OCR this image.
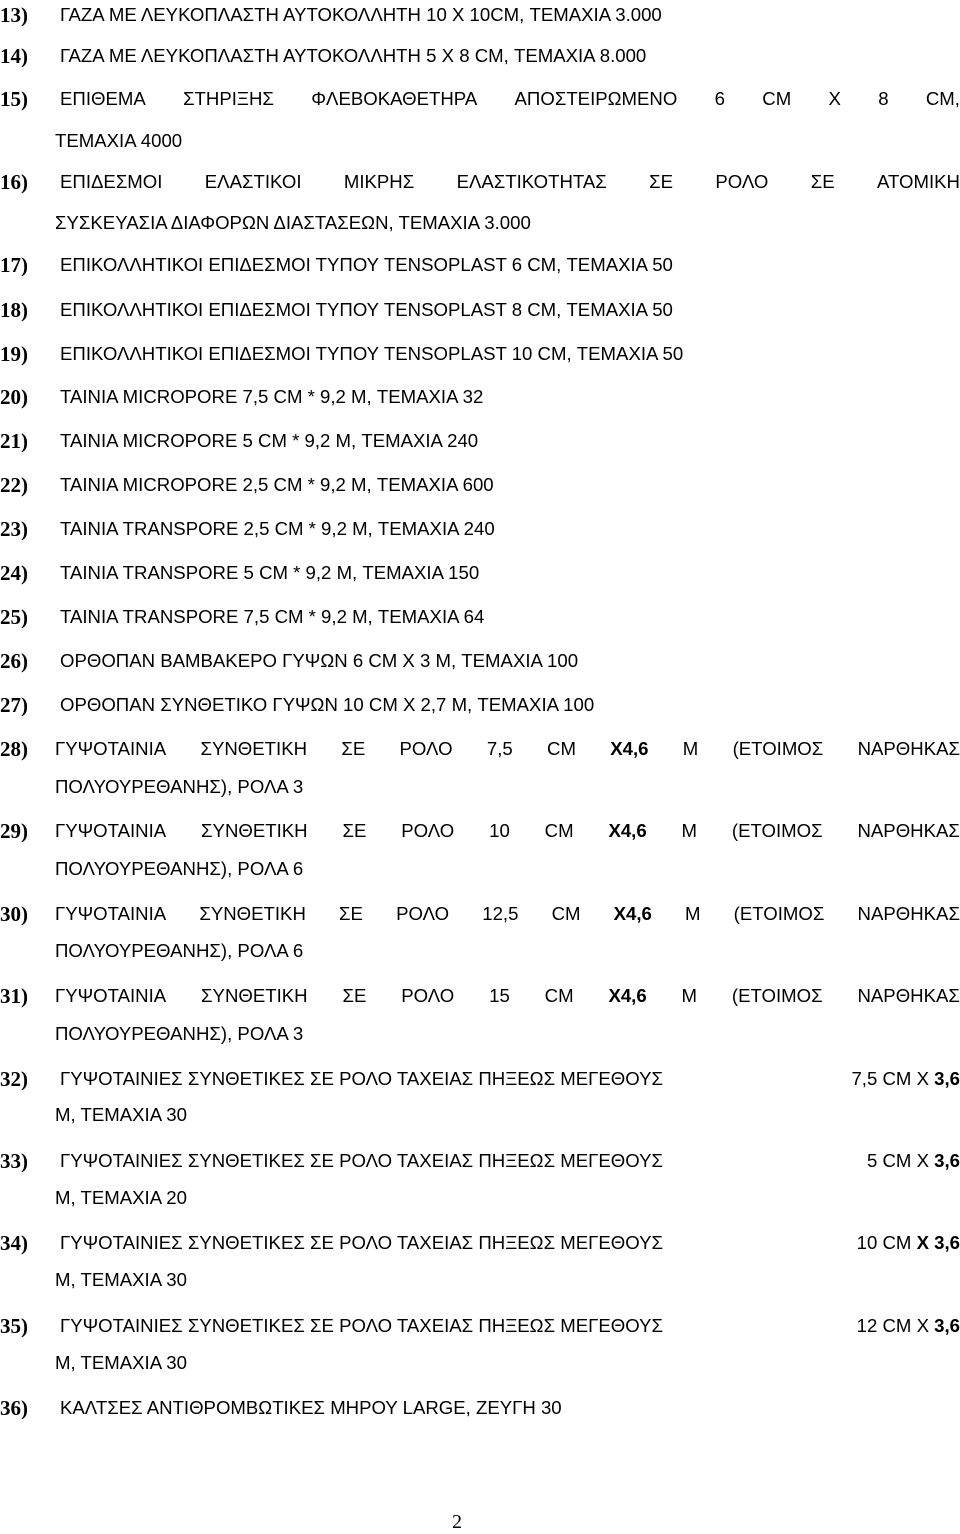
13)	ΓΑΖΑ ΜΕ ΛΕΥΚΟΠΛΑΣΤΗ ΑΥΤΟΚΟΛΛΗΤΗ 10 Χ 10CM, ΤΕΜΑΧΙΑ 3.000
14)	ΓΑΖΑ ΜΕ ΛΕΥΚΟΠΛΑΣΤΗ ΑΥΤΟΚΟΛΛΗΤΗ 5 Χ 8 CM, ΤΕΜΑΧΙΑ 8.000
15)	ΕΠΙΘΕΜΑ ΣΤΗΡΙΞΗΣ ΦΛΕΒΟΚΑΘΕΤΗΡΑ ΑΠΟΣΤΕΙΡΩΜΕΝΟ 6 CM X 8 CM,
ΤΕΜΑΧΙΑ 4000
16)	ΕΠΙΔΕΣΜΟΙ ΕΛΑΣΤΙΚΟΙ ΜΙΚΡΗΣ ΕΛΑΣΤΙΚΟΤΗΤΑΣ ΣΕ ΡΟΛΟ ΣΕ ΑΤΟΜΙΚΗ
ΣΥΣΚΕΥΑΣΙΑ ΔΙΑΦΟΡΩΝ ΔΙΑΣΤΑΣΕΩΝ, ΤΕΜΑΧΙΑ 3.000
17)	ΕΠΙΚΟΛΛΗΤΙΚΟΙ ΕΠΙΔΕΣΜΟΙ ΤΥΠΟΥ TENSOPLAST 6 CM, ΤΕΜΑΧΙΑ 50
18)	ΕΠΙΚΟΛΛΗΤΙΚΟΙ ΕΠΙΔΕΣΜΟΙ ΤΥΠΟΥ TENSOPLAST 8 CM, ΤΕΜΑΧΙΑ 50
19)	ΕΠΙΚΟΛΛΗΤΙΚΟΙ ΕΠΙΔΕΣΜΟΙ ΤΥΠΟΥ TENSOPLAST 10 CM, ΤΕΜΑΧΙΑ 50
20)	ΤΑΙΝΙΑ MICROPORE 7,5 CM * 9,2 M, ΤΕΜΑΧΙΑ 32
21)	ΤΑΙΝΙΑ MICROPORE 5 CM * 9,2 M, ΤΕΜΑΧΙΑ 240
22)	ΤΑΙΝΙΑ MICROPORE 2,5 CM * 9,2 M, ΤΕΜΑΧΙΑ 600
23)	ΤΑΙΝΙΑ TRANSPORE 2,5 CM * 9,2 M, ΤΕΜΑΧΙΑ 240
24)	ΤΑΙΝΙΑ TRANSPORE 5 CM * 9,2 M, ΤΕΜΑΧΙΑ 150
25)	ΤΑΙΝΙΑ TRANSPORE 7,5 CM * 9,2 M, ΤΕΜΑΧΙΑ 64
26)	ΟΡΘΟΠΑΝ ΒΑΜΒΑΚΕΡΟ ΓΥΨΩΝ 6 CM X 3 M, ΤΕΜΑΧΙΑ 100
27)	ΟΡΘΟΠΑΝ ΣΥΝΘΕΤΙΚΟ ΓΥΨΩΝ 10 CM X 2,7 M, ΤΕΜΑΧΙΑ 100
28)	ΓΥΨΟΤΑΙΝΙΑ ΣΥΝΘΕΤΙΚΗ ΣΕ ΡΟΛΟ 7,5 CM Χ4,6 Μ (ΕΤΟΙΜΟΣ ΝΑΡΘΗΚΑΣ
ΠΟΛΥΟΥΡΕΘΑΝΗΣ), ΡΟΛΑ 3
29)	ΓΥΨΟΤΑΙΝΙΑ ΣΥΝΘΕΤΙΚΗ ΣΕ ΡΟΛΟ 10 CM Χ4,6 Μ (ΕΤΟΙΜΟΣ ΝΑΡΘΗΚΑΣ
ΠΟΛΥΟΥΡΕΘΑΝΗΣ), ΡΟΛΑ 6
30)	ΓΥΨΟΤΑΙΝΙΑ ΣΥΝΘΕΤΙΚΗ ΣΕ ΡΟΛΟ 12,5 CM Χ4,6 Μ (ΕΤΟΙΜΟΣ ΝΑΡΘΗΚΑΣ
ΠΟΛΥΟΥΡΕΘΑΝΗΣ), ΡΟΛΑ 6
31)	ΓΥΨΟΤΑΙΝΙΑ ΣΥΝΘΕΤΙΚΗ ΣΕ ΡΟΛΟ 15 CM Χ4,6 Μ (ΕΤΟΙΜΟΣ ΝΑΡΘΗΚΑΣ
ΠΟΛΥΟΥΡΕΘΑΝΗΣ), ΡΟΛΑ 3
32)	ΓΥΨΟΤΑΙΝΙΕΣ ΣΥΝΘΕΤΙΚΕΣ ΣΕ ΡΟΛΟ ΤΑΧΕΙΑΣ ΠΗΞΕΩΣ ΜΕΓΕΘΟΥΣ	7,5 CM X 3,6
Μ, ΤΕΜΑΧΙΑ 30
33)	ΓΥΨΟΤΑΙΝΙΕΣ ΣΥΝΘΕΤΙΚΕΣ ΣΕ ΡΟΛΟ ΤΑΧΕΙΑΣ ΠΗΞΕΩΣ ΜΕΓΕΘΟΥΣ	5 CM X 3,6
Μ, ΤΕΜΑΧΙΑ 20
34)	ΓΥΨΟΤΑΙΝΙΕΣ ΣΥΝΘΕΤΙΚΕΣ ΣΕ ΡΟΛΟ ΤΑΧΕΙΑΣ ΠΗΞΕΩΣ ΜΕΓΕΘΟΥΣ	10 CM X 3,6
Μ, ΤΕΜΑΧΙΑ 30
35)	ΓΥΨΟΤΑΙΝΙΕΣ ΣΥΝΘΕΤΙΚΕΣ ΣΕ ΡΟΛΟ ΤΑΧΕΙΑΣ ΠΗΞΕΩΣ ΜΕΓΕΘΟΥΣ	12 CM X 3,6
Μ, ΤΕΜΑΧΙΑ 30
36)	ΚΑΛΤΣΕΣ ΑΝΤΙΘΡΟΜΒΩΤΙΚΕΣ ΜΗΡΟΥ LARGE, ΖΕΥΓΗ 30
2
